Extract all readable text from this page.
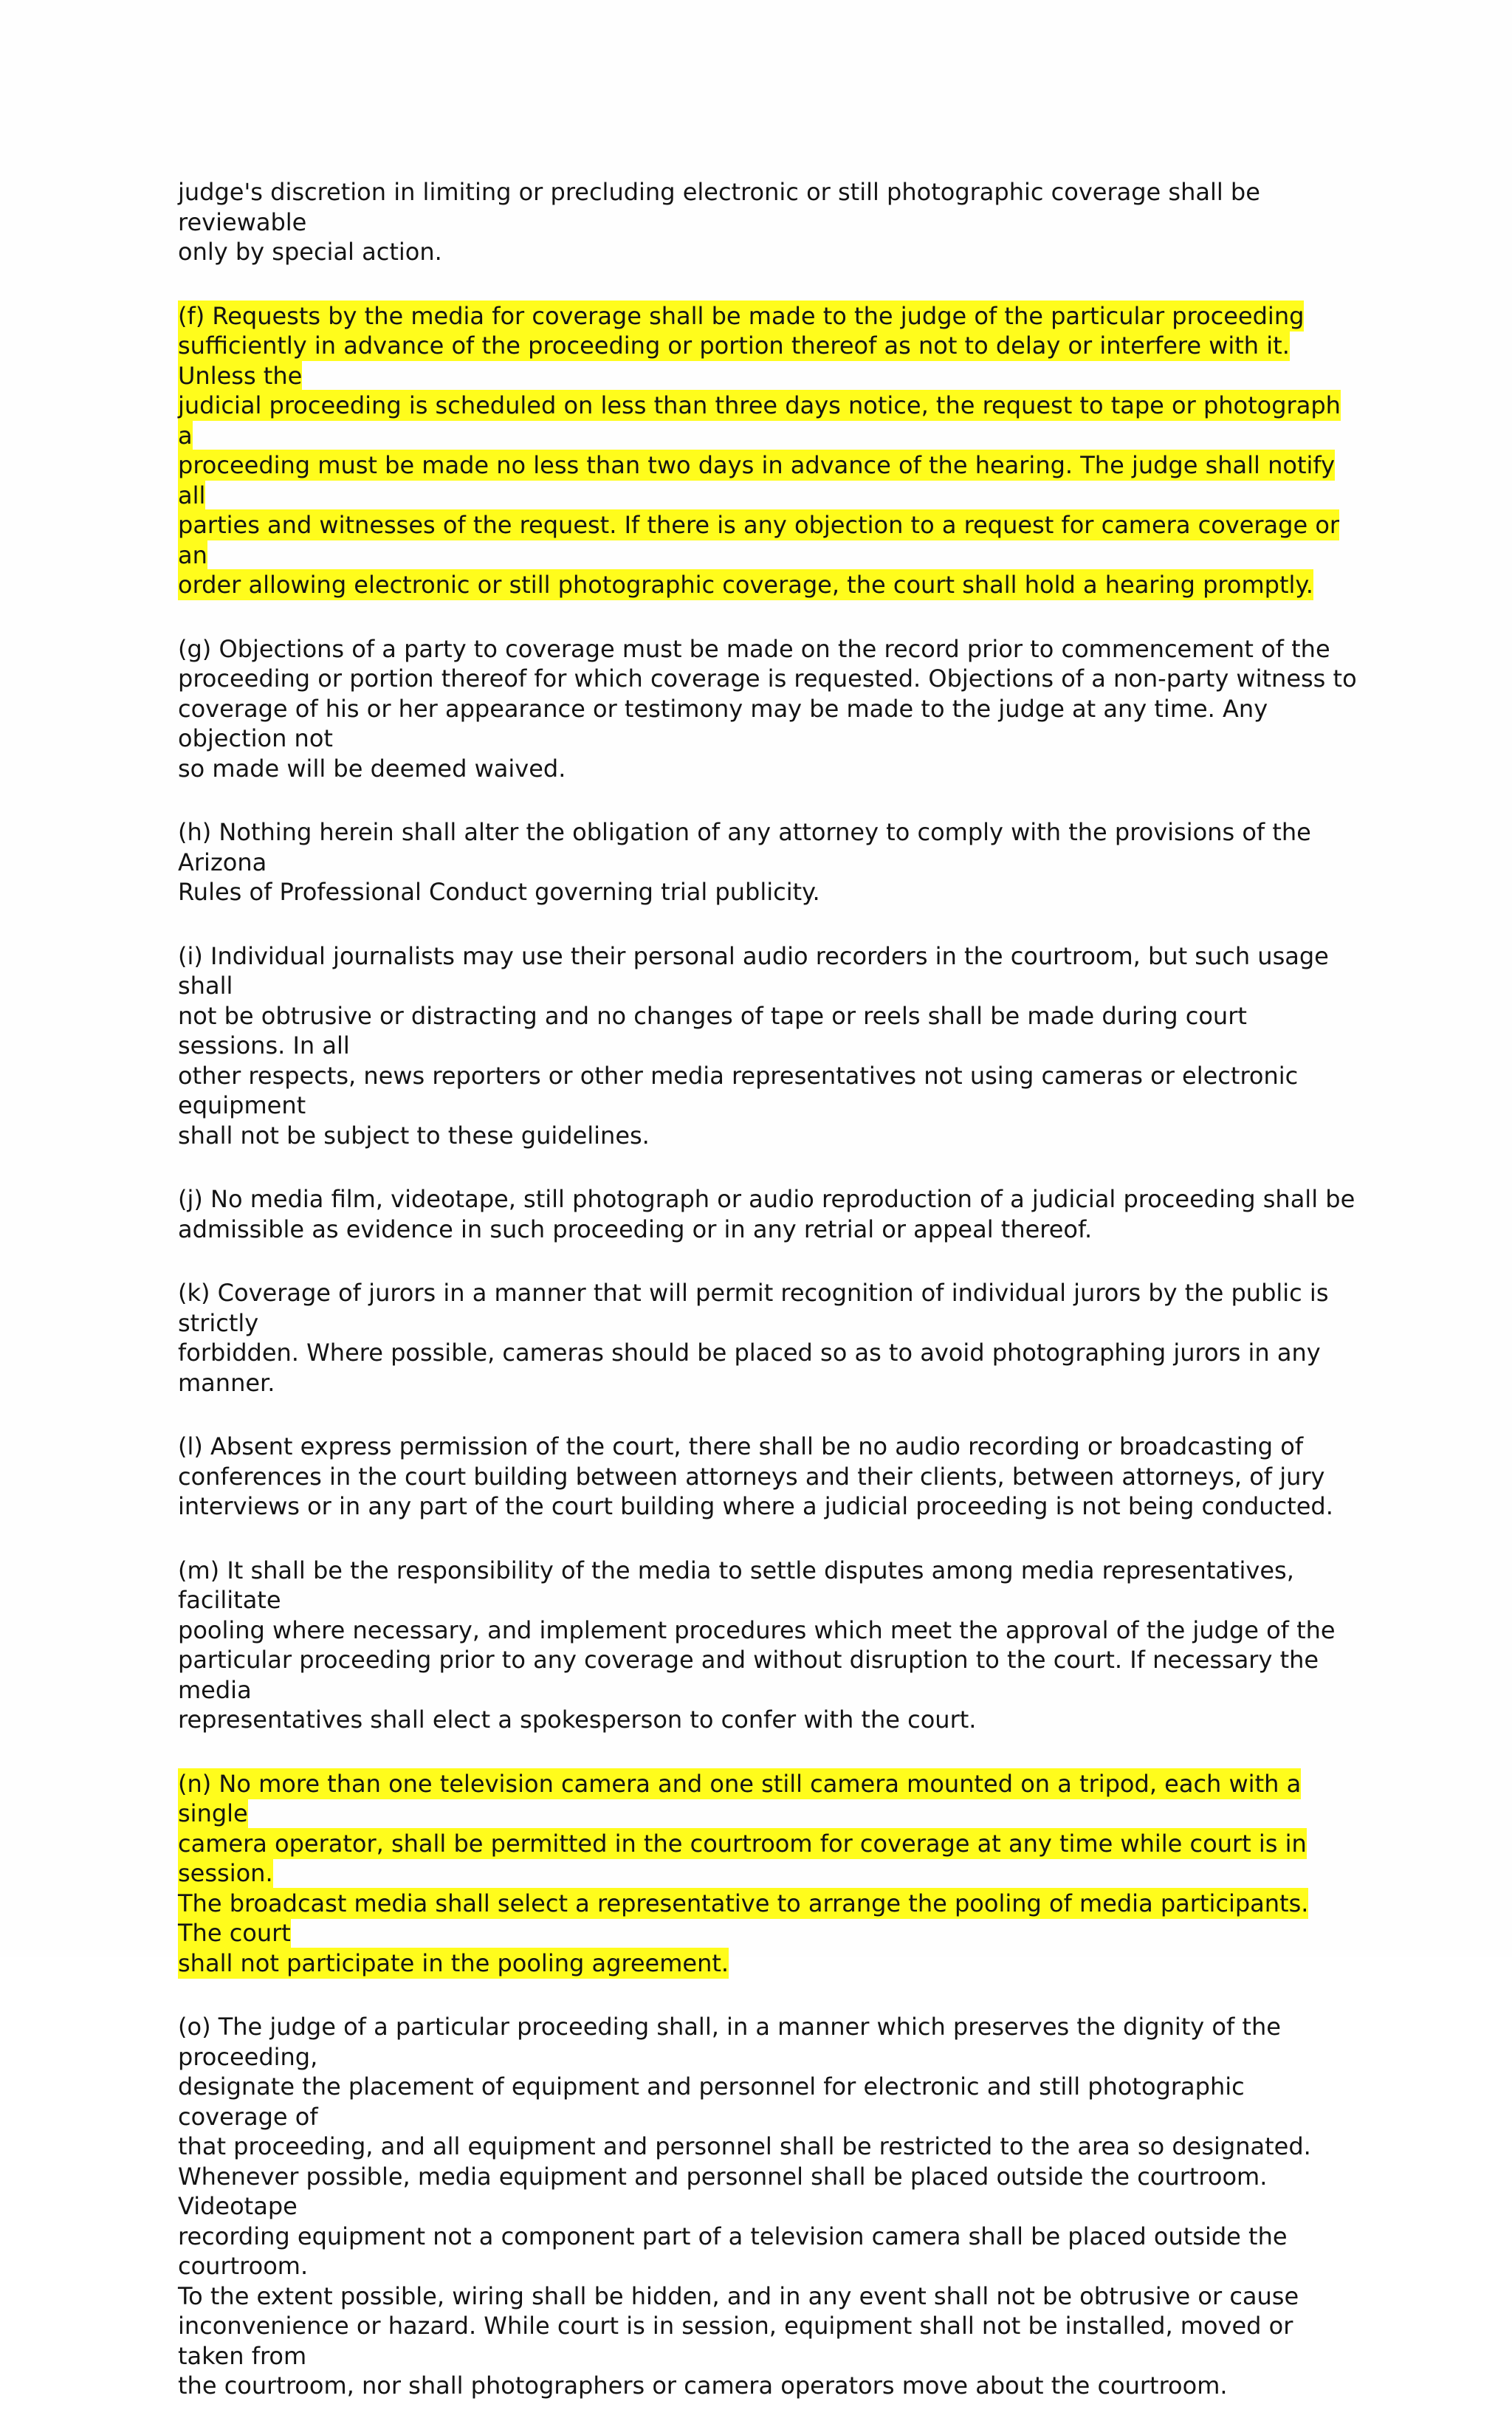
judge's discretion in limiting or precluding electronic or still photographic coverage shall be reviewable
only by special action.

(f) Requests by the media for coverage shall be made to the judge of the particular proceeding
sufficiently in advance of the proceeding or portion thereof as not to delay or interfere with it. Unless the
judicial proceeding is scheduled on less than three days notice, the request to tape or photograph a
proceeding must be made no less than two days in advance of the hearing. The judge shall notify all
parties and witnesses of the request. If there is any objection to a request for camera coverage or an
order allowing electronic or still photographic coverage, the court shall hold a hearing promptly.

(g) Objections of a party to coverage must be made on the record prior to commencement of the
proceeding or portion thereof for which coverage is requested. Objections of a non-party witness to
coverage of his or her appearance or testimony may be made to the judge at any time. Any objection not
so made will be deemed waived.

(h) Nothing herein shall alter the obligation of any attorney to comply with the provisions of the Arizona
Rules of Professional Conduct governing trial publicity.

(i) Individual journalists may use their personal audio recorders in the courtroom, but such usage shall
not be obtrusive or distracting and no changes of tape or reels shall be made during court sessions. In all
other respects, news reporters or other media representatives not using cameras or electronic equipment
shall not be subject to these guidelines.

(j) No media film, videotape, still photograph or audio reproduction of a judicial proceeding shall be
admissible as evidence in such proceeding or in any retrial or appeal thereof.

(k) Coverage of jurors in a manner that will permit recognition of individual jurors by the public is strictly
forbidden. Where possible, cameras should be placed so as to avoid photographing jurors in any manner.

(l) Absent express permission of the court, there shall be no audio recording or broadcasting of
conferences in the court building between attorneys and their clients, between attorneys, of jury
interviews or in any part of the court building where a judicial proceeding is not being conducted.

(m) It shall be the responsibility of the media to settle disputes among media representatives, facilitate
pooling where necessary, and implement procedures which meet the approval of the judge of the
particular proceeding prior to any coverage and without disruption to the court. If necessary the media
representatives shall elect a spokesperson to confer with the court.

(n) No more than one television camera and one still camera mounted on a tripod, each with a single
camera operator, shall be permitted in the courtroom for coverage at any time while court is in session.
The broadcast media shall select a representative to arrange the pooling of media participants. The court
shall not participate in the pooling agreement.

(o) The judge of a particular proceeding shall, in a manner which preserves the dignity of the proceeding,
designate the placement of equipment and personnel for electronic and still photographic coverage of
that proceeding, and all equipment and personnel shall be restricted to the area so designated.
Whenever possible, media equipment and personnel shall be placed outside the courtroom. Videotape
recording equipment not a component part of a television camera shall be placed outside the courtroom.
To the extent possible, wiring shall be hidden, and in any event shall not be obtrusive or cause
inconvenience or hazard. While court is in session, equipment shall not be installed, moved or taken from
the courtroom, nor shall photographers or camera operators move about the courtroom.
